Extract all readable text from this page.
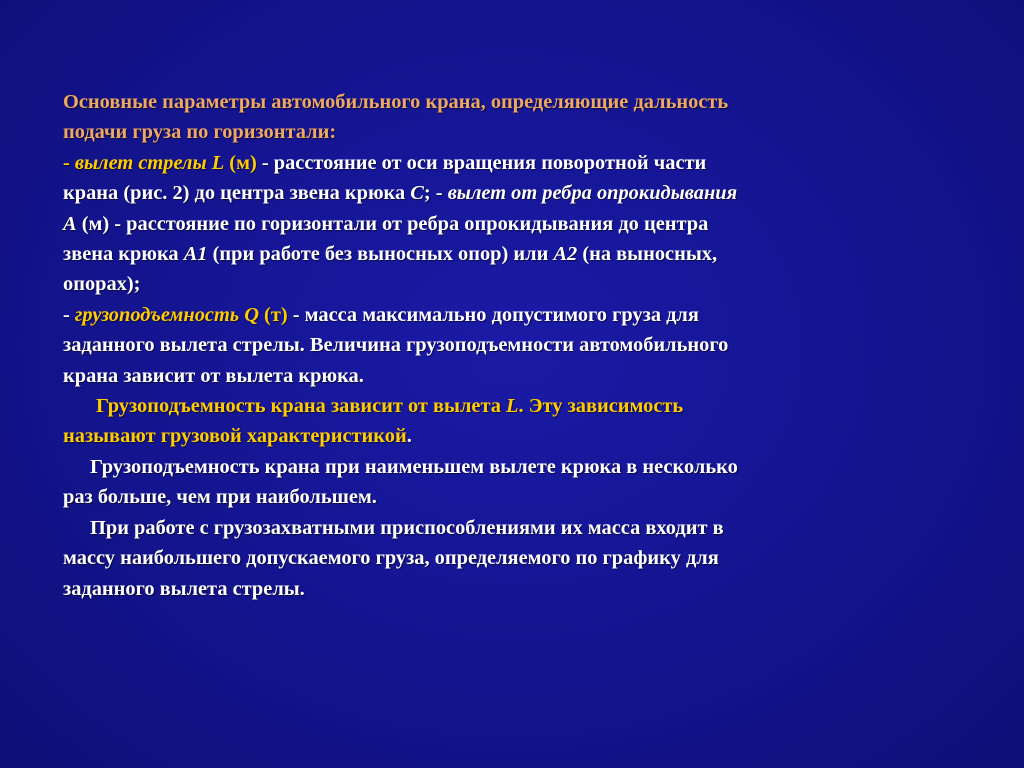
Основные параметры автомобильного крана, определяющие дальность
подачи груза по горизонтали:
- вылет стрелы L (м) - расстояние от оси вращения поворотной части
крана (рис. 2) до центра звена крюка С; - вылет от ребра опрокидывания
А (м) - расстояние по горизонтали от ребра опрокидывания до центра
звена крюка А1 (при работе без выносных опор) или А2 (на выносных,
опорах);
- грузоподъемность Q (т) - масса максимально допустимого груза для
заданного вылета стрелы. Величина грузоподъемности автомобильного
крана зависит от вылета крюка.
Грузоподъемность крана зависит от вылета L. Эту зависимость
называют грузовой характеристикой.
Грузоподъемность крана при наименьшем вылете крюка в несколько
раз больше, чем при наибольшем.
При работе с грузозахватными приспособлениями их масса входит в
массу наибольшего допускаемого груза, определяемого по графику для
заданного вылета стрелы.
